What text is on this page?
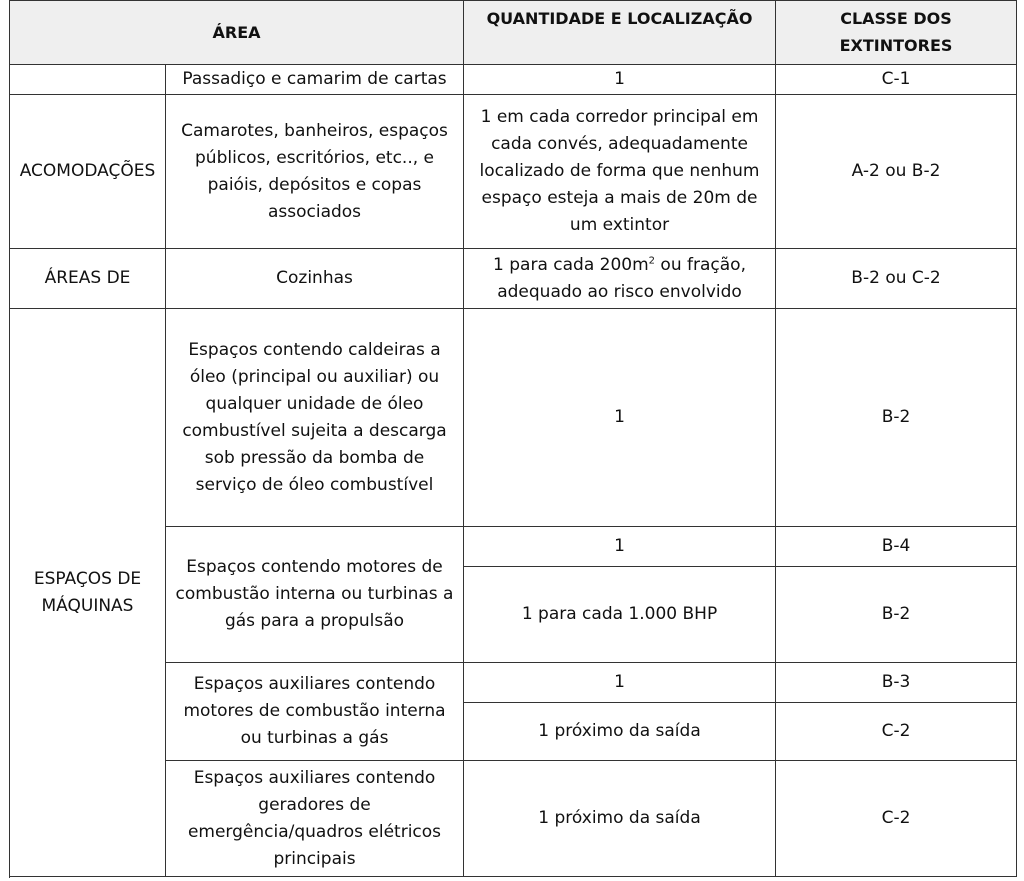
ÁREA		QUANTIDADE E LOCALIZAÇÃO	CLASSE DOS EXTINTORES
	Passadiço e camarim de cartas	1	C-1
ACOMODAÇÕES	Camarotes, banheiros, espaços públicos, escritórios, etc.., e paióis, depósitos e copas associados	1 em cada corredor principal em cada convés, adequadamente localizado de forma que nenhum espaço esteja a mais de 20m de um extintor	A-2 ou B-2
ÁREAS DE	Cozinhas	1 para cada $200m^2$ ou fração, adequado ao risco envolvido	B-2 ou C-2
ESPAÇOS DE MÁQUINAS	Espaços contendo caldeiras a óleo (principal ou auxiliar) ou qualquer unidade de óleo combustível sujeita a descarga sob pressão da bomba de serviço de óleo combustível	1	B-2
	Espaços contendo motores de combustão interna ou turbinas a gás para a propulsão	1	B-4
		1 para cada 1.000 BHP	B-2
	Espaços auxiliares contendo motores de combustão interna ou turbinas a gás	1	B-3
		1 próximo da saída	C-2
	Espaços auxiliares contendo geradores de emergência/quadros elétricos principais	1 próximo da saída	C-2
